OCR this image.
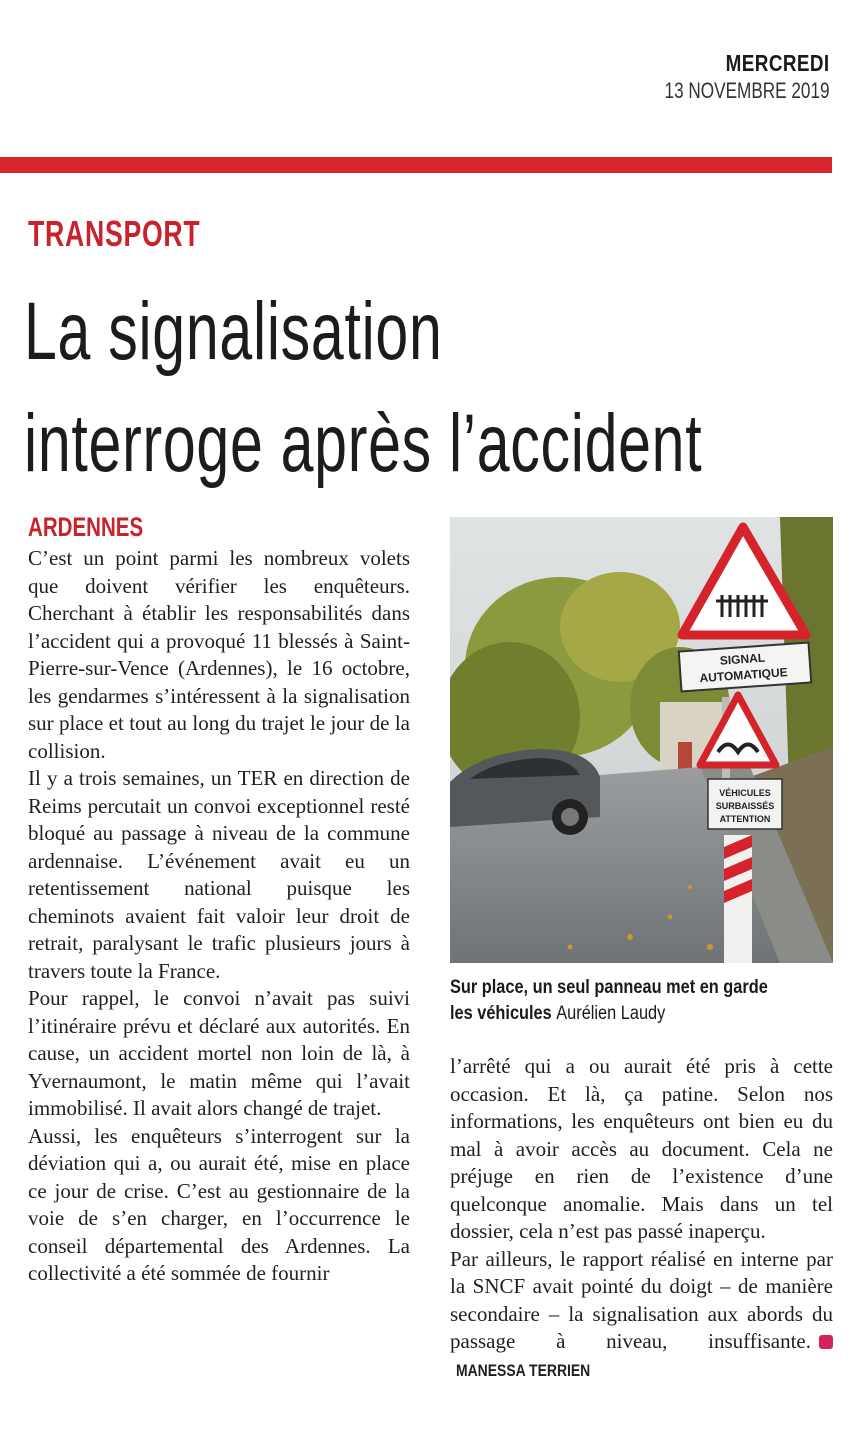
MERCREDI
13 NOVEMBRE 2019
TRANSPORT
La signalisation
interroge après l’accident
ARDENNES

C’est un point parmi les nombreux volets que doivent vérifier les enquêteurs. Cherchant à établir les responsabilités dans l’accident qui a provoqué 11 blessés à Saint-Pierre-sur-Vence (Ardennes), le 16 octobre, les gendarmes s’intéressent à la signalisation sur place et tout au long du trajet le jour de la collision.

Il y a trois semaines, un TER en direction de Reims percutait un convoi exceptionnel resté bloqué au passage à niveau de la commune ardennaise. L’événement avait eu un retentissement national puisque les cheminots avaient fait valoir leur droit de retrait, paralysant le trafic plusieurs jours à travers toute la France.

Pour rappel, le convoi n’avait pas suivi l’itinéraire prévu et déclaré aux autorités. En cause, un accident mortel non loin de là, à Yvernaumont, le matin même qui l’avait immobilisé. Il avait alors changé de trajet.

Aussi, les enquêteurs s’interrogent sur la déviation qui a, ou aurait été, mise en place ce jour de crise. C’est au gestionnaire de la voie de s’en charger, en l’occurrence le conseil départemental des Ardennes. La collectivité a été sommée de fournir

SIGNAL
AUTOMATIQUE
VÉHICULES
SURBAISSÉS
ATTENTION
Sur place, un seul panneau met en garde
les véhicules Aurélien Laudy

l’arrêté qui a ou aurait été pris à cette occasion. Et là, ça patine. Selon nos informations, les enquêteurs ont bien eu du mal à avoir accès au document. Cela ne préjuge en rien de l’existence d’une quelconque anomalie. Mais dans un tel dossier, cela n’est pas passé inaperçu.

Par ailleurs, le rapport réalisé en interne par la SNCF avait pointé du doigt – de manière secondaire – la signalisation aux abords du passage à niveau, insuffisante.MANESSA TERRIEN
